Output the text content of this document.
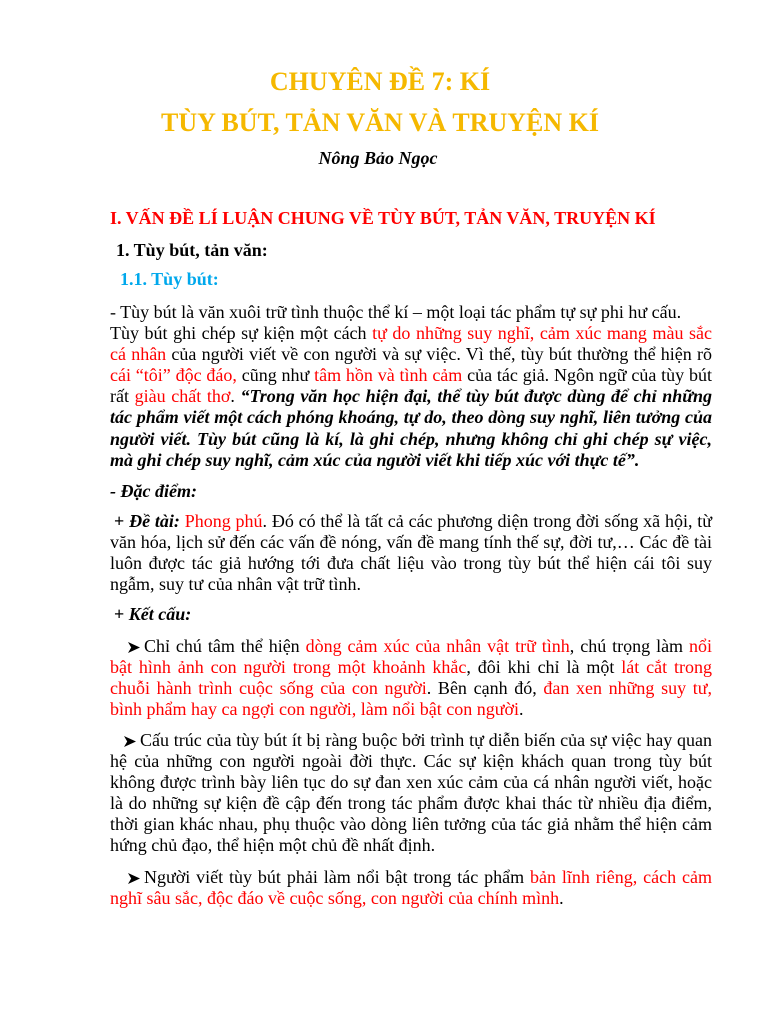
CHUYÊN ĐỀ 7: KÍ
TÙY BÚT, TẢN VĂN VÀ TRUYỆN KÍ
Nông Bảo Ngọc
I. VẤN ĐỀ LÍ LUẬN CHUNG VỀ TÙY BÚT, TẢN VĂN, TRUYỆN KÍ
1. Tùy bút, tản văn:
1.1. Tùy bút:

- Tùy bút là văn xuôi trữ tình thuộc thể kí – một loại tác phẩm tự sự phi hư cấu.
Tùy bút ghi chép sự kiện một cách tự do những suy nghĩ, cảm xúc mang màu sắc cá nhân của người viết về con người và sự việc. Vì thế, tùy bút thường thể hiện rõ cái “tôi” độc đáo, cũng như tâm hồn và tình cảm của tác giả. Ngôn ngữ của tùy bút rất giàu chất thơ. “Trong văn học hiện đại, thể tùy bút được dùng để chỉ những tác phẩm viết một cách phóng khoáng, tự do, theo dòng suy nghĩ, liên tưởng của người viết. Tùy bút cũng là kí, là ghi chép, nhưng không chỉ ghi chép sự việc, mà ghi chép suy nghĩ, cảm xúc của người viết khi tiếp xúc với thực tế”.

- Đặc điểm:

+ Đề tài: Phong phú. Đó có thể là tất cả các phương diện trong đời sống xã hội, từ văn hóa, lịch sử đến các vấn đề nóng, vấn đề mang tính thế sự, đời tư,… Các đề tài luôn được tác giả hướng tới đưa chất liệu vào trong tùy bút thể hiện cái tôi suy ngẫm, suy tư của nhân vật trữ tình.

+ Kết cấu:

Chỉ chú tâm thể hiện dòng cảm xúc của nhân vật trữ tình, chú trọng làm nổi bật hình ảnh con người trong một khoảnh khắc, đôi khi chỉ là một lát cắt trong chuỗi hành trình cuộc sống của con người. Bên cạnh đó, đan xen những suy tư, bình phẩm hay ca ngợi con người, làm nổi bật con người.

Cấu trúc của tùy bút ít bị ràng buộc bởi trình tự diễn biến của sự việc hay quan hệ của những con người ngoài đời thực. Các sự kiện khách quan trong tùy bút không được trình bày liên tục do sự đan xen xúc cảm của cá nhân người viết, hoặc là do những sự kiện đề cập đến trong tác phẩm được khai thác từ nhiều địa điểm, thời gian khác nhau, phụ thuộc vào dòng liên tưởng của tác giả nhằm thể hiện cảm hứng chủ đạo, thể hiện một chủ đề nhất định.

Người viết tùy bút phải làm nổi bật trong tác phẩm bản lĩnh riêng, cách cảm nghĩ sâu sắc, độc đáo về cuộc sống, con người của chính mình.
